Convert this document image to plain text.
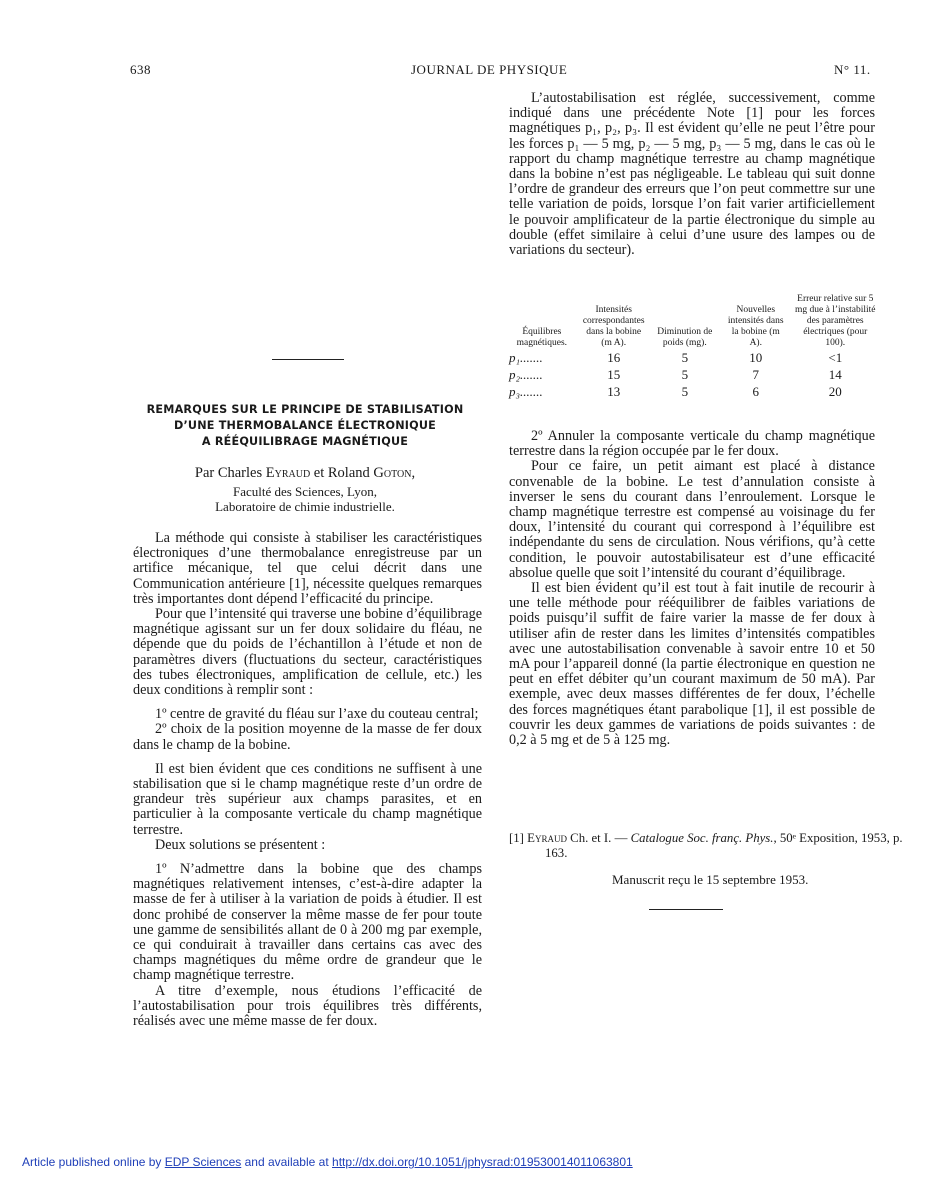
638	JOURNAL DE PHYSIQUE	N° 11.

L’autostabilisation est réglée, successivement, comme indiqué dans une précédente Note [1] pour les forces magnétiques p₁, p₂, p₃. Il est évident qu’elle ne peut l’être pour les forces p₁ — 5 mg, p₂ — 5 mg, p₃ — 5 mg, dans le cas où le rapport du champ magnétique terrestre au champ magnétique dans la bobine n’est pas négligeable. Le tableau qui suit donne l’ordre de grandeur des erreurs que l’on peut commettre sur une telle variation de poids, lorsque l’on fait varier artificiellement le pouvoir amplificateur de la partie électronique du simple au double (effet similaire à celui d’une usure des lampes ou de variations du secteur).

Équilibres magnétiques.	Intensités correspondantes dans la bobine (m A).	Diminution de poids (mg).	Nouvelles intensités dans la bobine (m A).	Erreur relative sur 5 mg due à l’instabilité des paramètres électriques (pour 100).
p₁.......	16	5	10	<1
p₂.......	15	5	7	14
p₃.......	13	5	6	20

2º Annuler la composante verticale du champ magnétique terrestre dans la région occupée par le fer doux.

Pour ce faire, un petit aimant est placé à distance convenable de la bobine. Le test d’annulation consiste à inverser le sens du courant dans l’enroulement. Lorsque le champ magnétique terrestre est compensé au voisinage du fer doux, l’intensité du courant qui correspond à l’équilibre est indépendante du sens de circulation. Nous vérifions, qu’à cette condition, le pouvoir autostabilisateur est d’une efficacité absolue quelle que soit l’intensité du courant d’équilibrage.

Il est bien évident qu’il est tout à fait inutile de recourir à une telle méthode pour rééquilibrer de faibles variations de poids puisqu’il suffit de faire varier la masse de fer doux à utiliser afin de rester dans les limites d’intensités compatibles avec une autostabilisation convenable à savoir entre 10 et 50 mA pour l’appareil donné (la partie électronique en question ne peut en effet débiter qu’un courant maximum de 50 mA). Par exemple, avec deux masses différentes de fer doux, l’échelle des forces magnétiques étant parabolique [1], il est possible de couvrir les deux gammes de variations de poids suivantes : de 0,2 à 5 mg et de 5 à 125 mg.

[1] Eyraud Ch. et I. — Catalogue Soc. franç. Phys., 50ᵉ Exposition, 1953, p. 163.
Manuscrit reçu le 15 septembre 1953.
REMARQUES SUR LE PRINCIPE DE STABILISATION
D’UNE THERMOBALANCE ÉLECTRONIQUE
A RÉÉQUILIBRAGE MAGNÉTIQUE
Par Charles Eyraud et Roland Goton,
Faculté des Sciences, Lyon,
Laboratoire de chimie industrielle.

La méthode qui consiste à stabiliser les caractéristiques électroniques d’une thermobalance enregistreuse par un artifice mécanique, tel que celui décrit dans une Communication antérieure [1], nécessite quelques remarques très importantes dont dépend l’efficacité du principe.

Pour que l’intensité qui traverse une bobine d’équilibrage magnétique agissant sur un fer doux solidaire du fléau, ne dépende que du poids de l’échantillon à l’étude et non de paramètres divers (fluctuations du secteur, caractéristiques des tubes électroniques, amplification de cellule, etc.) les deux conditions à remplir sont :

1º centre de gravité du fléau sur l’axe du couteau central;

2º choix de la position moyenne de la masse de fer doux dans le champ de la bobine.

Il est bien évident que ces conditions ne suffisent à une stabilisation que si le champ magnétique reste d’un ordre de grandeur très supérieur aux champs parasites, et en particulier à la composante verticale du champ magnétique terrestre.

Deux solutions se présentent :

1º N’admettre dans la bobine que des champs magnétiques relativement intenses, c’est-à-dire adapter la masse de fer à utiliser à la variation de poids à étudier. Il est donc prohibé de conserver la même masse de fer pour toute une gamme de sensibilités allant de 0 à 200 mg par exemple, ce qui conduirait à travailler dans certains cas avec des champs magnétiques du même ordre de grandeur que le champ magnétique terrestre.

A titre d’exemple, nous étudions l’efficacité de l’autostabilisation pour trois équilibres très différents, réalisés avec une même masse de fer doux.

Article published online by EDP Sciences and available at http://dx.doi.org/10.1051/jphysrad:019530014011063801
